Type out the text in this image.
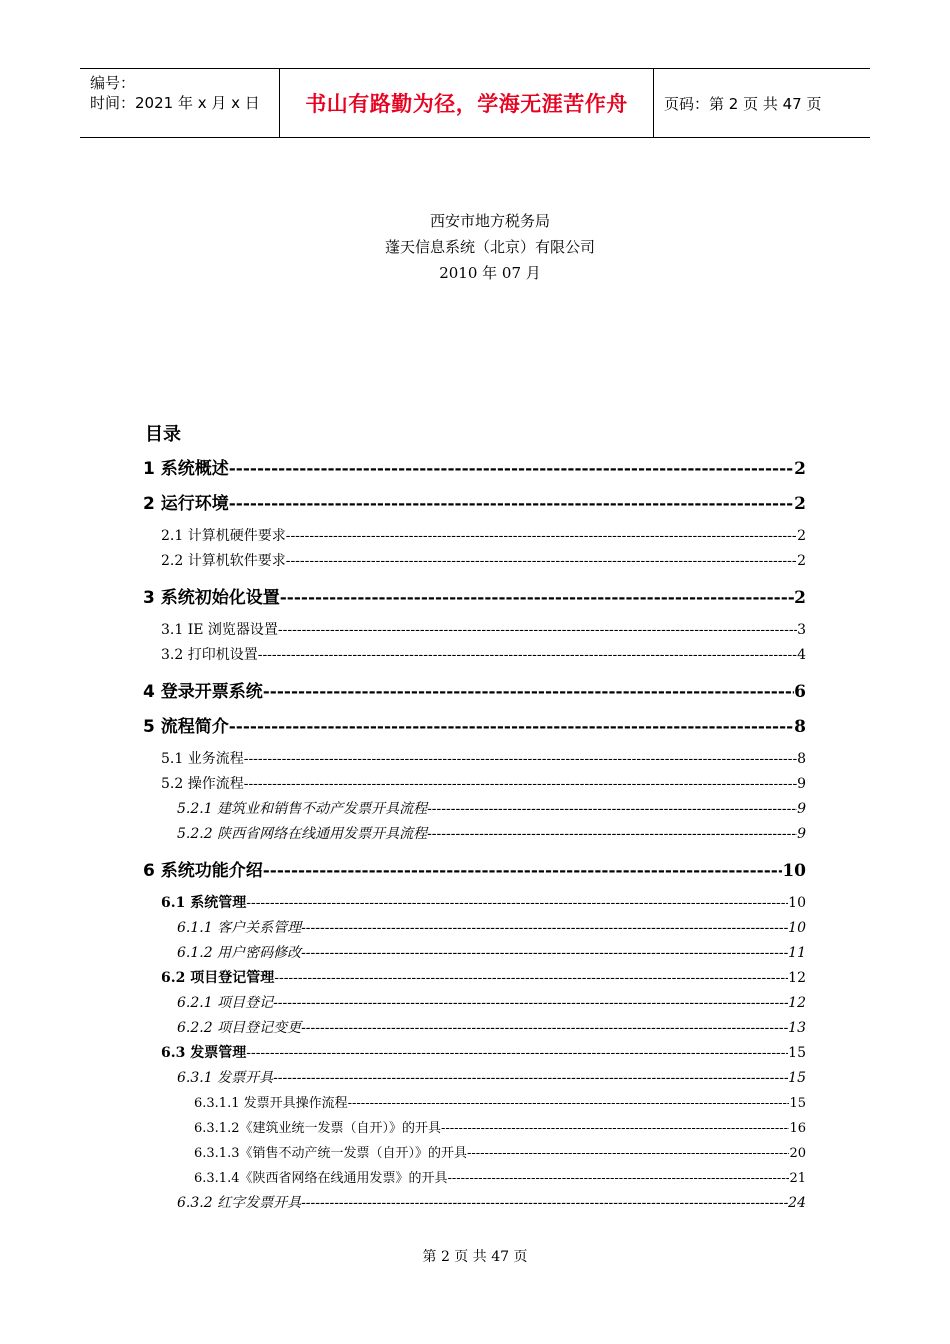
编号：
时间：2021 年 x 月 x 日	书山有路勤为径，学海无涯苦作舟	页码：第 2 页 共 47 页
西安市地方税务局
蓬天信息系统（北京）有限公司
2010 年 07 月
目录
1 系统概述 -----	2
2 运行环境 -----	2
2.1 计算机硬件要求 -----	2
2.2 计算机软件要求 -----	2
3 系统初始化设置 -----	2
3.1 IE 浏览器设置 -----	3
3.2 打印机设置 -----	4
4 登录开票系统 -----	6
5 流程简介 -----	8
5.1 业务流程 -----	8
5.2 操作流程 -----	9
5.2.1 建筑业和销售不动产发票开具流程 -----	9
5.2.2 陕西省网络在线通用发票开具流程 -----	9
6 系统功能介绍 -----	10
6.1 系统管理 -----	10
6.1.1 客户关系管理 -----	10
6.1.2 用户密码修改 -----	11
6.2 项目登记管理 -----	12
6.2.1 项目登记 -----	12
6.2.2 项目登记变更 -----	13
6.3 发票管理 -----	15
6.3.1 发票开具 -----	15
6.3.1.1 发票开具操作流程 -----	15
6.3.1.2《建筑业统一发票（自开）》的开具 -----	16
6.3.1.3《销售不动产统一发票（自开）》的开具 -----	20
6.3.1.4《陕西省网络在线通用发票》的开具 -----	21
6.3.2 红字发票开具 -----	24
第 2 页 共 47 页
